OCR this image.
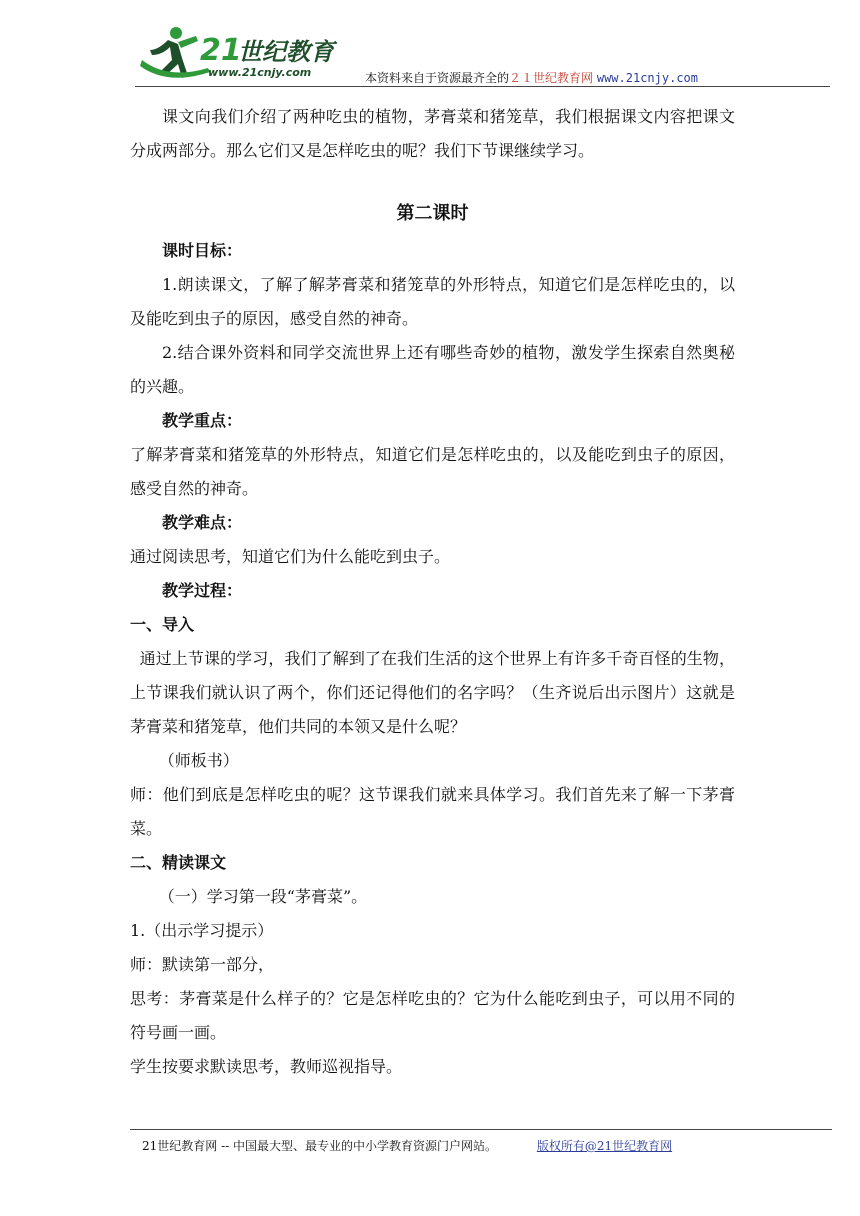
21
世纪教育
www.21cnjy.com	本资料来自于资源最齐全的２１世纪教育网 www.21cnjy.com

课文向我们介绍了两种吃虫的植物，茅膏菜和猪笼草，我们根据课文内容把课文分成两部分。那么它们又是怎样吃虫的呢？我们下节课继续学习。

第二课时

课时目标：

1.朗读课文，了解了解茅膏菜和猪笼草的外形特点，知道它们是怎样吃虫的，以及能吃到虫子的原因，感受自然的神奇。

2.结合课外资料和同学交流世界上还有哪些奇妙的植物，激发学生探索自然奥秘的兴趣。

教学重点：

了解茅膏菜和猪笼草的外形特点，知道它们是怎样吃虫的，以及能吃到虫子的原因，感受自然的神奇。

教学难点：

通过阅读思考，知道它们为什么能吃到虫子。

教学过程：

一、导入

通过上节课的学习，我们了解到了在我们生活的这个世界上有许多千奇百怪的生物，上节课我们就认识了两个，你们还记得他们的名字吗？（生齐说后出示图片）这就是茅膏菜和猪笼草，他们共同的本领又是什么呢？

（师板书）

师：他们到底是怎样吃虫的呢？这节课我们就来具体学习。我们首先来了解一下茅膏菜。

二、精读课文

（一）学习第一段“茅膏菜”。

1.（出示学习提示）

师：默读第一部分，

思考：茅膏菜是什么样子的？它是怎样吃虫的？它为什么能吃到虫子，可以用不同的符号画一画。

学生按要求默读思考，教师巡视指导。

21世纪教育网 -- 中国最大型、最专业的中小学教育资源门户网站。	版权所有@21世纪教育网
